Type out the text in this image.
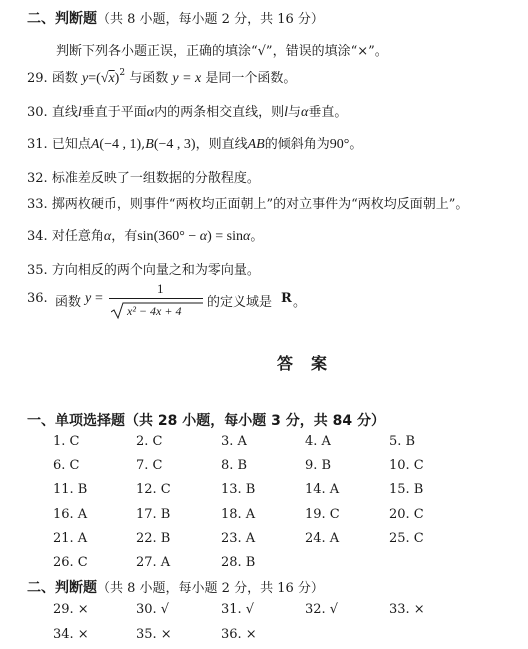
二、判断题（共 8 小题，每小题 2 分，共 16 分）
判断下列各小题正误，正确的填涂“√”，错误的填涂“×”。
29. 函数 $y=(√x)^2$ 与函数 y = x 是同一个函数。
30. 直线l垂直于平面α内的两条相交直线，则l与α垂直。
31. 已知点A(−4 , 1),B(−4 , 3)，则直线AB的倾斜角为90°。
32. 标准差反映了一组数据的分散程度。
33. 掷两枚硬币，则事件“两枚均正面朝上”的对立事件为“两枚均反面朝上”。
34. 对任意角α，有sin(360° − α) = sinα。
35. 方向相反的两个向量之和为零向量。
36. 函数 y =
1
x² − 4x + 4
的定义域是 R 。
答案
一、单项选择题（共 28 小题，每小题 3 分，共 84 分）
1. C	2. C	3. A	4. A	5. B
6. C	7. C	8. B	9. B	10. C
11. B	12. C	13. B	14. A	15. B
16. A	17. B	18. A	19. C	20. C
21. A	22. B	23. A	24. A	25. C
26. C	27. A	28. B
二、判断题（共 8 小题，每小题 2 分，共 16 分）
29. ×	30. √	31. √	32. √	33. ×
34. ×	35. ×	36. ×
